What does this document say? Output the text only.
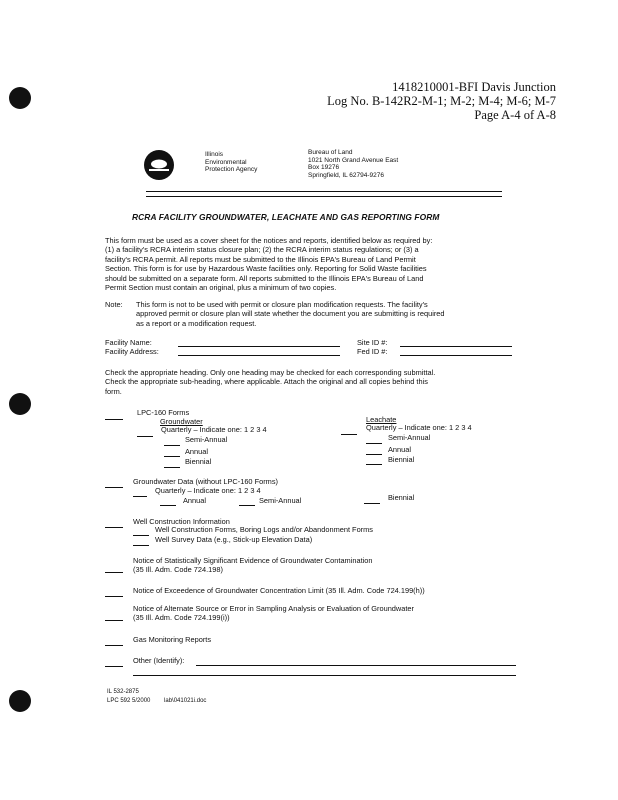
1418210001-BFI Davis Junction
Log No. B-142R2-M-1; M-2; M-4; M-6; M-7
Page A-4 of A-8
Illinois
Environmental
Protection Agency
Bureau of Land
1021 North Grand Avenue East
Box 19276
Springfield, IL 62794-9276
RCRA FACILITY GROUNDWATER, LEACHATE AND GAS REPORTING FORM
This form must be used as a cover sheet for the notices and reports, identified below as required by:
(1) a facility's RCRA interim status closure plan; (2) the RCRA interim status regulations; or (3) a
facility's RCRA permit. All reports must be submitted to the Illinois EPA's Bureau of Land Permit
Section. This form is for use by Hazardous Waste facilities only. Reporting for Solid Waste facilities
should be submitted on a separate form. All reports submitted to the Illinois EPA's Bureau of Land
Permit Section must contain an original, plus a minimum of two copies.
Note: This form is not to be used with permit or closure plan modification requests. The facility's
approved permit or closure plan will state whether the document you are submitting is required
as a report or a modification request.
Facility Name:
Facility Address:
Site ID #:
Fed ID #:
Check the appropriate heading. Only one heading may be checked for each corresponding submittal.
Check the appropriate sub-heading, where applicable. Attach the original and all copies behind this
form.
LPC-160 Forms
Groundwater	Leachate
Quarterly – Indicate one: 1 2 3 4
Semi-Annual
Annual
Biennial
Quarterly – Indicate one: 1 2 3 4
Semi-Annual
Annual
Biennial
Groundwater Data (without LPC-160 Forms)
Quarterly – Indicate one: 1 2 3 4
Annual	Semi-Annual	Biennial
Well Construction Information
Well Construction Forms, Boring Logs and/or Abandonment Forms
Well Survey Data (e.g., Stick-up Elevation Data)
Notice of Statistically Significant Evidence of Groundwater Contamination
(35 Ill. Adm. Code 724.198)
Notice of Exceedence of Groundwater Concentration Limit (35 Ill. Adm. Code 724.199(h))
Notice of Alternate Source or Error in Sampling Analysis or Evaluation of Groundwater
(35 Ill. Adm. Code 724.199(i))
Gas Monitoring Reports
Other (Identify):
IL 532-2875
LPC 592 5/2000 lab\041021i.doc
